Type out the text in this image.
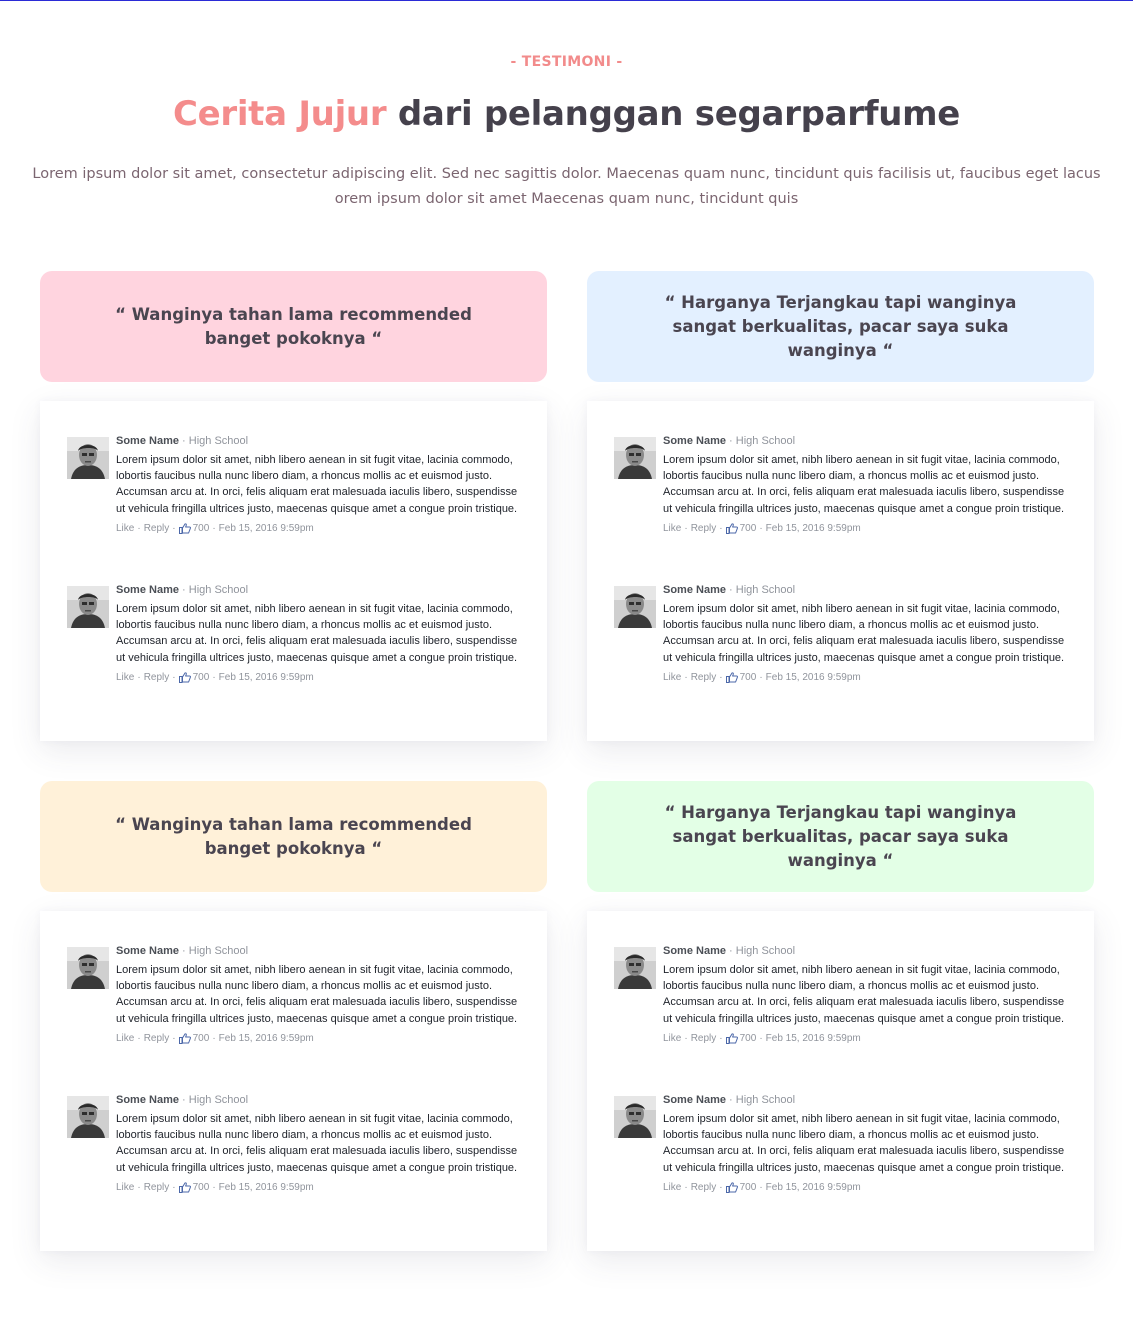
- TESTIMONI -
Cerita Jujur dari pelanggan segarparfume

Lorem ipsum dolor sit amet, consectetur adipiscing elit. Sed nec sagittis dolor. Maecenas quam nunc, tincidunt quis facilisis ut, faucibus eget lacus orem ipsum dolor sit amet Maecenas quam nunc, tincidunt quis

“ Wanginya tahan lama recommended banget pokoknya “
Some Name · High School
Lorem ipsum dolor sit amet, nibh libero aenean in sit fugit vitae, lacinia commodo, lobortis faucibus nulla nunc libero diam, a rhoncus mollis ac et euismod justo. Accumsan arcu at. In orci, felis aliquam erat malesuada iaculis libero, suspendisse ut vehicula fringilla ultrices justo, maecenas quisque amet a congue proin tristique.
Like · Reply · 700 · Feb 15, 2016 9:59pm
Some Name · High School
Lorem ipsum dolor sit amet, nibh libero aenean in sit fugit vitae, lacinia commodo, lobortis faucibus nulla nunc libero diam, a rhoncus mollis ac et euismod justo. Accumsan arcu at. In orci, felis aliquam erat malesuada iaculis libero, suspendisse ut vehicula fringilla ultrices justo, maecenas quisque amet a congue proin tristique.
Like · Reply · 700 · Feb 15, 2016 9:59pm
“ Harganya Terjangkau tapi wanginya sangat berkualitas, pacar saya suka wanginya “
Some Name · High School
Lorem ipsum dolor sit amet, nibh libero aenean in sit fugit vitae, lacinia commodo, lobortis faucibus nulla nunc libero diam, a rhoncus mollis ac et euismod justo. Accumsan arcu at. In orci, felis aliquam erat malesuada iaculis libero, suspendisse ut vehicula fringilla ultrices justo, maecenas quisque amet a congue proin tristique.
Like · Reply · 700 · Feb 15, 2016 9:59pm
Some Name · High School
Lorem ipsum dolor sit amet, nibh libero aenean in sit fugit vitae, lacinia commodo, lobortis faucibus nulla nunc libero diam, a rhoncus mollis ac et euismod justo. Accumsan arcu at. In orci, felis aliquam erat malesuada iaculis libero, suspendisse ut vehicula fringilla ultrices justo, maecenas quisque amet a congue proin tristique.
Like · Reply · 700 · Feb 15, 2016 9:59pm
“ Wanginya tahan lama recommended banget pokoknya “
Some Name · High School
Lorem ipsum dolor sit amet, nibh libero aenean in sit fugit vitae, lacinia commodo, lobortis faucibus nulla nunc libero diam, a rhoncus mollis ac et euismod justo. Accumsan arcu at. In orci, felis aliquam erat malesuada iaculis libero, suspendisse ut vehicula fringilla ultrices justo, maecenas quisque amet a congue proin tristique.
Like · Reply · 700 · Feb 15, 2016 9:59pm
Some Name · High School
Lorem ipsum dolor sit amet, nibh libero aenean in sit fugit vitae, lacinia commodo, lobortis faucibus nulla nunc libero diam, a rhoncus mollis ac et euismod justo. Accumsan arcu at. In orci, felis aliquam erat malesuada iaculis libero, suspendisse ut vehicula fringilla ultrices justo, maecenas quisque amet a congue proin tristique.
Like · Reply · 700 · Feb 15, 2016 9:59pm
“ Harganya Terjangkau tapi wanginya sangat berkualitas, pacar saya suka wanginya “
Some Name · High School
Lorem ipsum dolor sit amet, nibh libero aenean in sit fugit vitae, lacinia commodo, lobortis faucibus nulla nunc libero diam, a rhoncus mollis ac et euismod justo. Accumsan arcu at. In orci, felis aliquam erat malesuada iaculis libero, suspendisse ut vehicula fringilla ultrices justo, maecenas quisque amet a congue proin tristique.
Like · Reply · 700 · Feb 15, 2016 9:59pm
Some Name · High School
Lorem ipsum dolor sit amet, nibh libero aenean in sit fugit vitae, lacinia commodo, lobortis faucibus nulla nunc libero diam, a rhoncus mollis ac et euismod justo. Accumsan arcu at. In orci, felis aliquam erat malesuada iaculis libero, suspendisse ut vehicula fringilla ultrices justo, maecenas quisque amet a congue proin tristique.
Like · Reply · 700 · Feb 15, 2016 9:59pm
